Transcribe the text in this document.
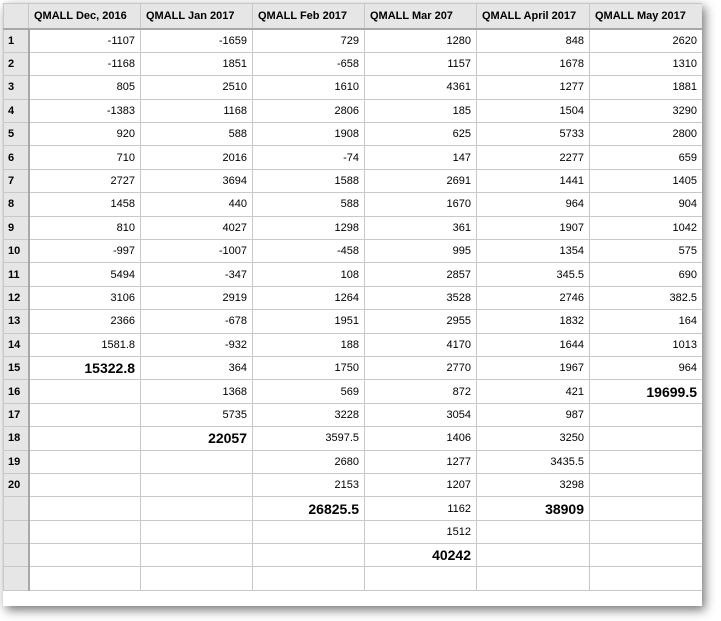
	QMALL Dec, 2016	QMALL Jan 2017	QMALL Feb 2017	QMALL Mar 207	QMALL April 2017	QMALL May 2017
1	-1107	-1659	729	1280	848	2620
2	-1168	1851	-658	1157	1678	1310
3	805	2510	1610	4361	1277	1881
4	-1383	1168	2806	185	1504	3290
5	920	588	1908	625	5733	2800
6	710	2016	-74	147	2277	659
7	2727	3694	1588	2691	1441	1405
8	1458	440	588	1670	964	904
9	810	4027	1298	361	1907	1042
10	-997	-1007	-458	995	1354	575
11	5494	-347	108	2857	345.5	690
12	3106	2919	1264	3528	2746	382.5
13	2366	-678	1951	2955	1832	164
14	1581.8	-932	188	4170	1644	1013
15	15322.8	364	1750	2770	1967	964
16		1368	569	872	421	19699.5
17		5735	3228	3054	987	
18		22057	3597.5	1406	3250	
19			2680	1277	3435.5	
20			2153	1207	3298	
			26825.5	1162	38909	
				1512		
				40242		
